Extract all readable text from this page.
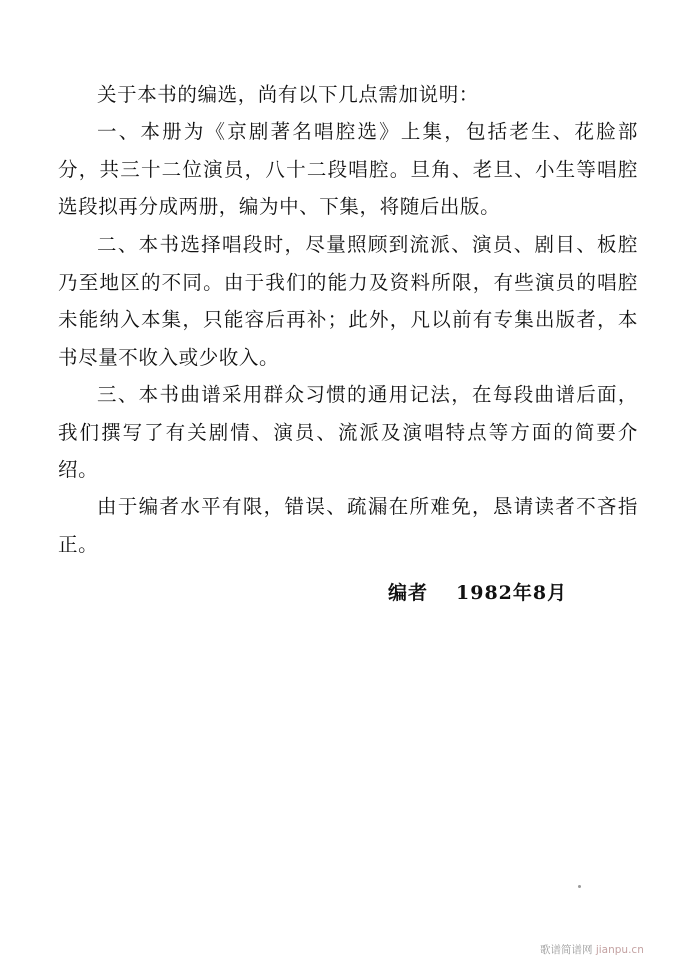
关于本书的编选，尚有以下几点需加说明：
一、本册为《京剧著名唱腔选》上集，包括老生、花脸部分，共三十二位演员，八十二段唱腔。旦角、老旦、小生等唱腔选段拟再分成两册，编为中、下集，将随后出版。
二、本书选择唱段时，尽量照顾到流派、演员、剧目、板腔乃至地区的不同。由于我们的能力及资料所限，有些演员的唱腔未能纳入本集，只能容后再补；此外，凡以前有专集出版者，本书尽量不收入或少收入。
三、本书曲谱采用群众习惯的通用记法，在每段曲谱后面，我们撰写了有关剧情、演员、流派及演唱特点等方面的简要介绍。
由于编者水平有限，错误、疏漏在所难免，恳请读者不吝指正。
编者 1982年8月
歌谱简谱网 jianpu.cn
